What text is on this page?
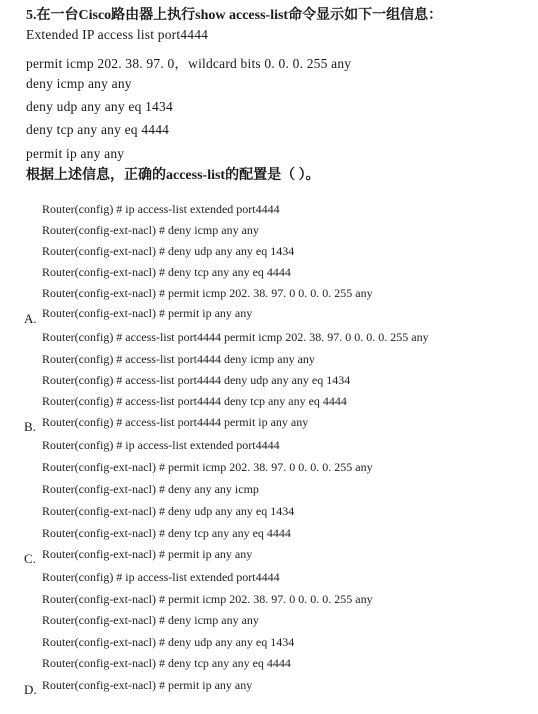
5.在一台Cisco路由器上执行show access-list命令显示如下一组信息：
Extended IP access list port4444
permit icmp 202. 38. 97. 0，wildcard bits 0. 0. 0. 255 any
deny icmp any any
deny udp any any eq 1434
deny tcp any any eq 4444
permit ip any any
根据上述信息，正确的access-list的配置是（ ）。
Router(config) # ip access-list extended port4444
Router(config-ext-nacl) # deny icmp any any
Router(config-ext-nacl) # deny udp any any eq 1434
Router(config-ext-nacl) # deny tcp any any eq 4444
Router(config-ext-nacl) # permit icmp 202. 38. 97. 0 0. 0. 0. 255 any
Router(config-ext-nacl) # permit ip any any
A.
Router(config) # access-list port4444 permit icmp 202. 38. 97. 0 0. 0. 0. 255 any
Router(config) # access-list port4444 deny icmp any any
Router(config) # access-list port4444 deny udp any any eq 1434
Router(config) # access-list port4444 deny tcp any any eq 4444
Router(config) # access-list port4444 permit ip any any
B.
Router(config) # ip access-list extended port4444
Router(config-ext-nacl) # permit icmp 202. 38. 97. 0 0. 0. 0. 255 any
Router(config-ext-nacl) # deny any any icmp
Router(config-ext-nacl) # deny udp any any eq 1434
Router(config-ext-nacl) # deny tcp any any eq 4444
Router(config-ext-nacl) # permit ip any any
C.
Router(config) # ip access-list extended port4444
Router(config-ext-nacl) # permit icmp 202. 38. 97. 0 0. 0. 0. 255 any
Router(config-ext-nacl) # deny icmp any any
Router(config-ext-nacl) # deny udp any any eq 1434
Router(config-ext-nacl) # deny tcp any any eq 4444
Router(config-ext-nacl) # permit ip any any
D.
